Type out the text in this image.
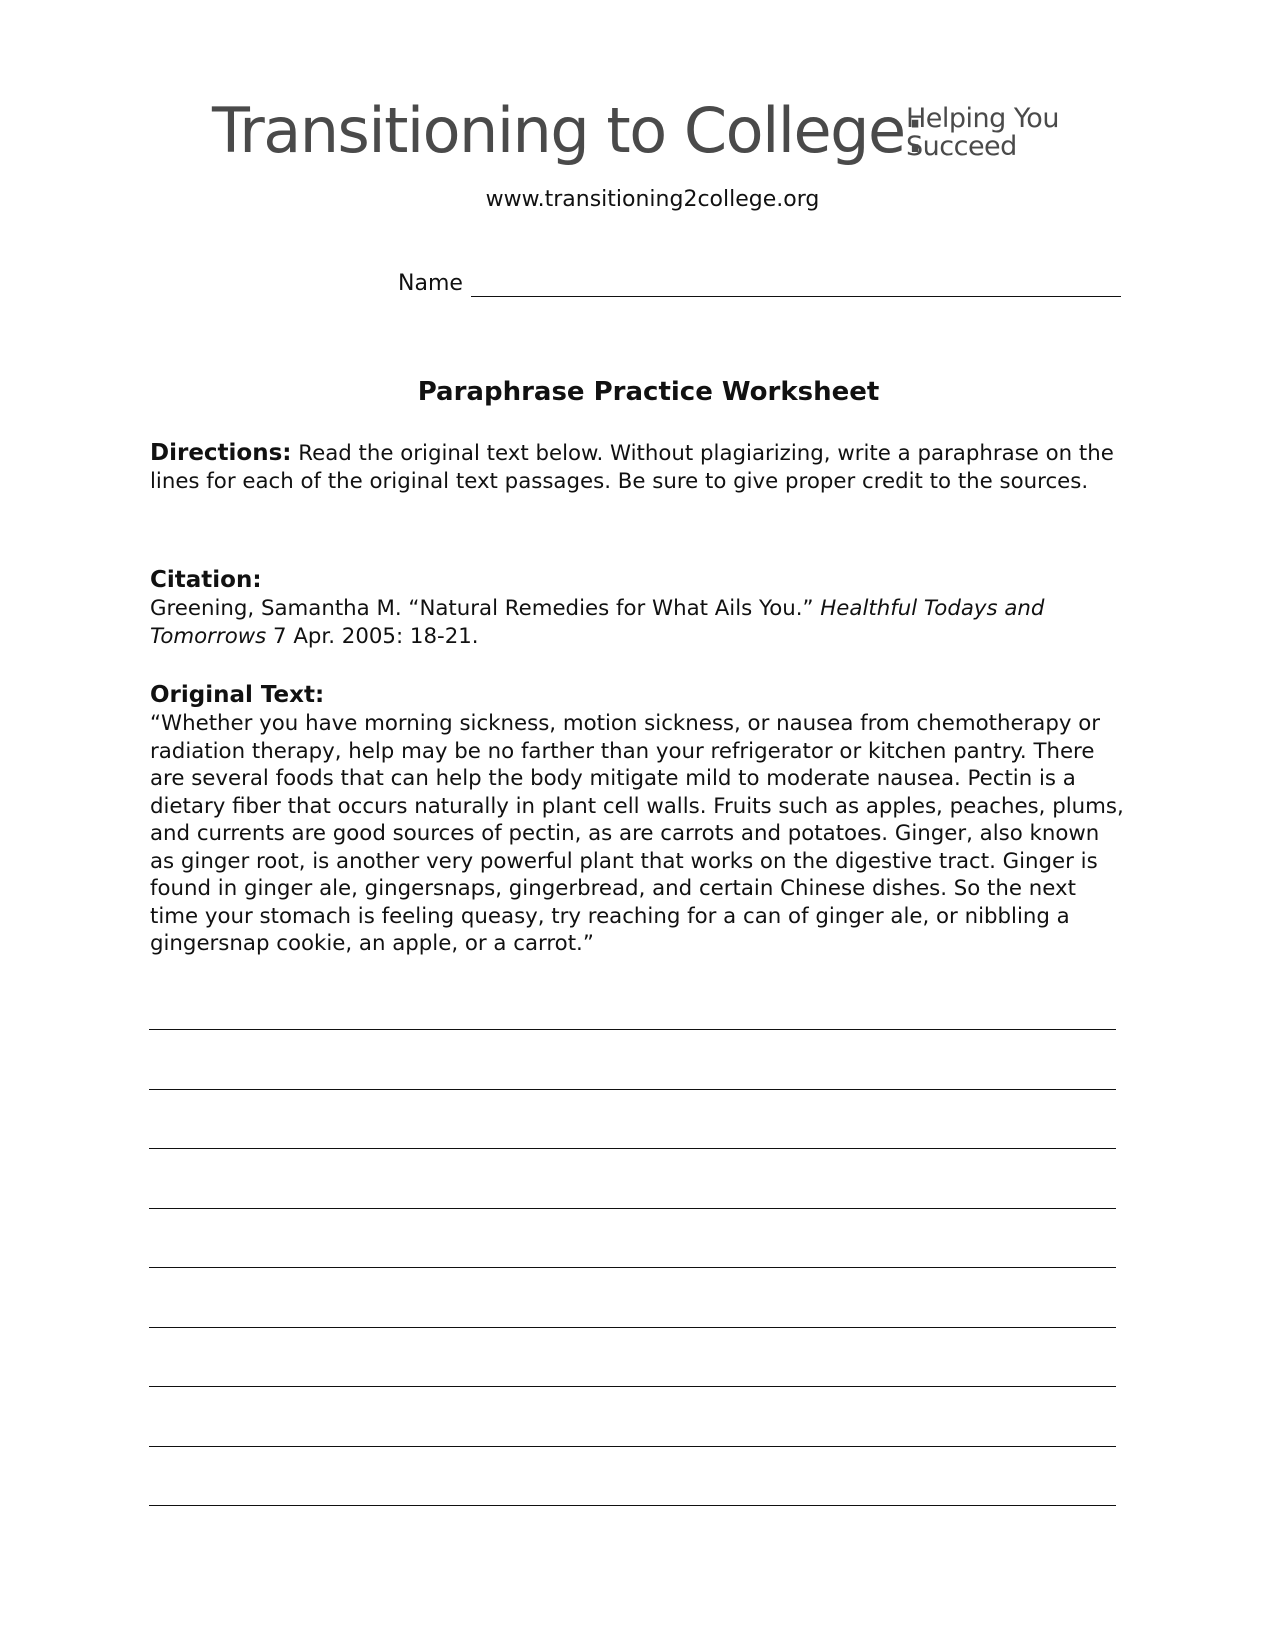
Transitioning to College:
Helping You
Succeed
www.transitioning2college.org
Name
Paraphrase Practice Worksheet
Directions: Read the original text below. Without plagiarizing, write a paraphrase on the lines for each of the original text passages. Be sure to give proper credit to the sources.
Citation:
Greening, Samantha M. “Natural Remedies for What Ails You.” Healthful Todays and Tomorrows 7 Apr. 2005: 18-21.
Original Text:
“Whether you have morning sickness, motion sickness, or nausea from chemotherapy or radiation therapy, help may be no farther than your refrigerator or kitchen pantry. There are several foods that can help the body mitigate mild to moderate nausea. Pectin is a dietary fiber that occurs naturally in plant cell walls. Fruits such as apples, peaches, plums, and currents are good sources of pectin, as are carrots and potatoes. Ginger, also known as ginger root, is another very powerful plant that works on the digestive tract. Ginger is found in ginger ale, gingersnaps, gingerbread, and certain Chinese dishes. So the next time your stomach is feeling queasy, try reaching for a can of ginger ale, or nibbling a gingersnap cookie, an apple, or a carrot.”
